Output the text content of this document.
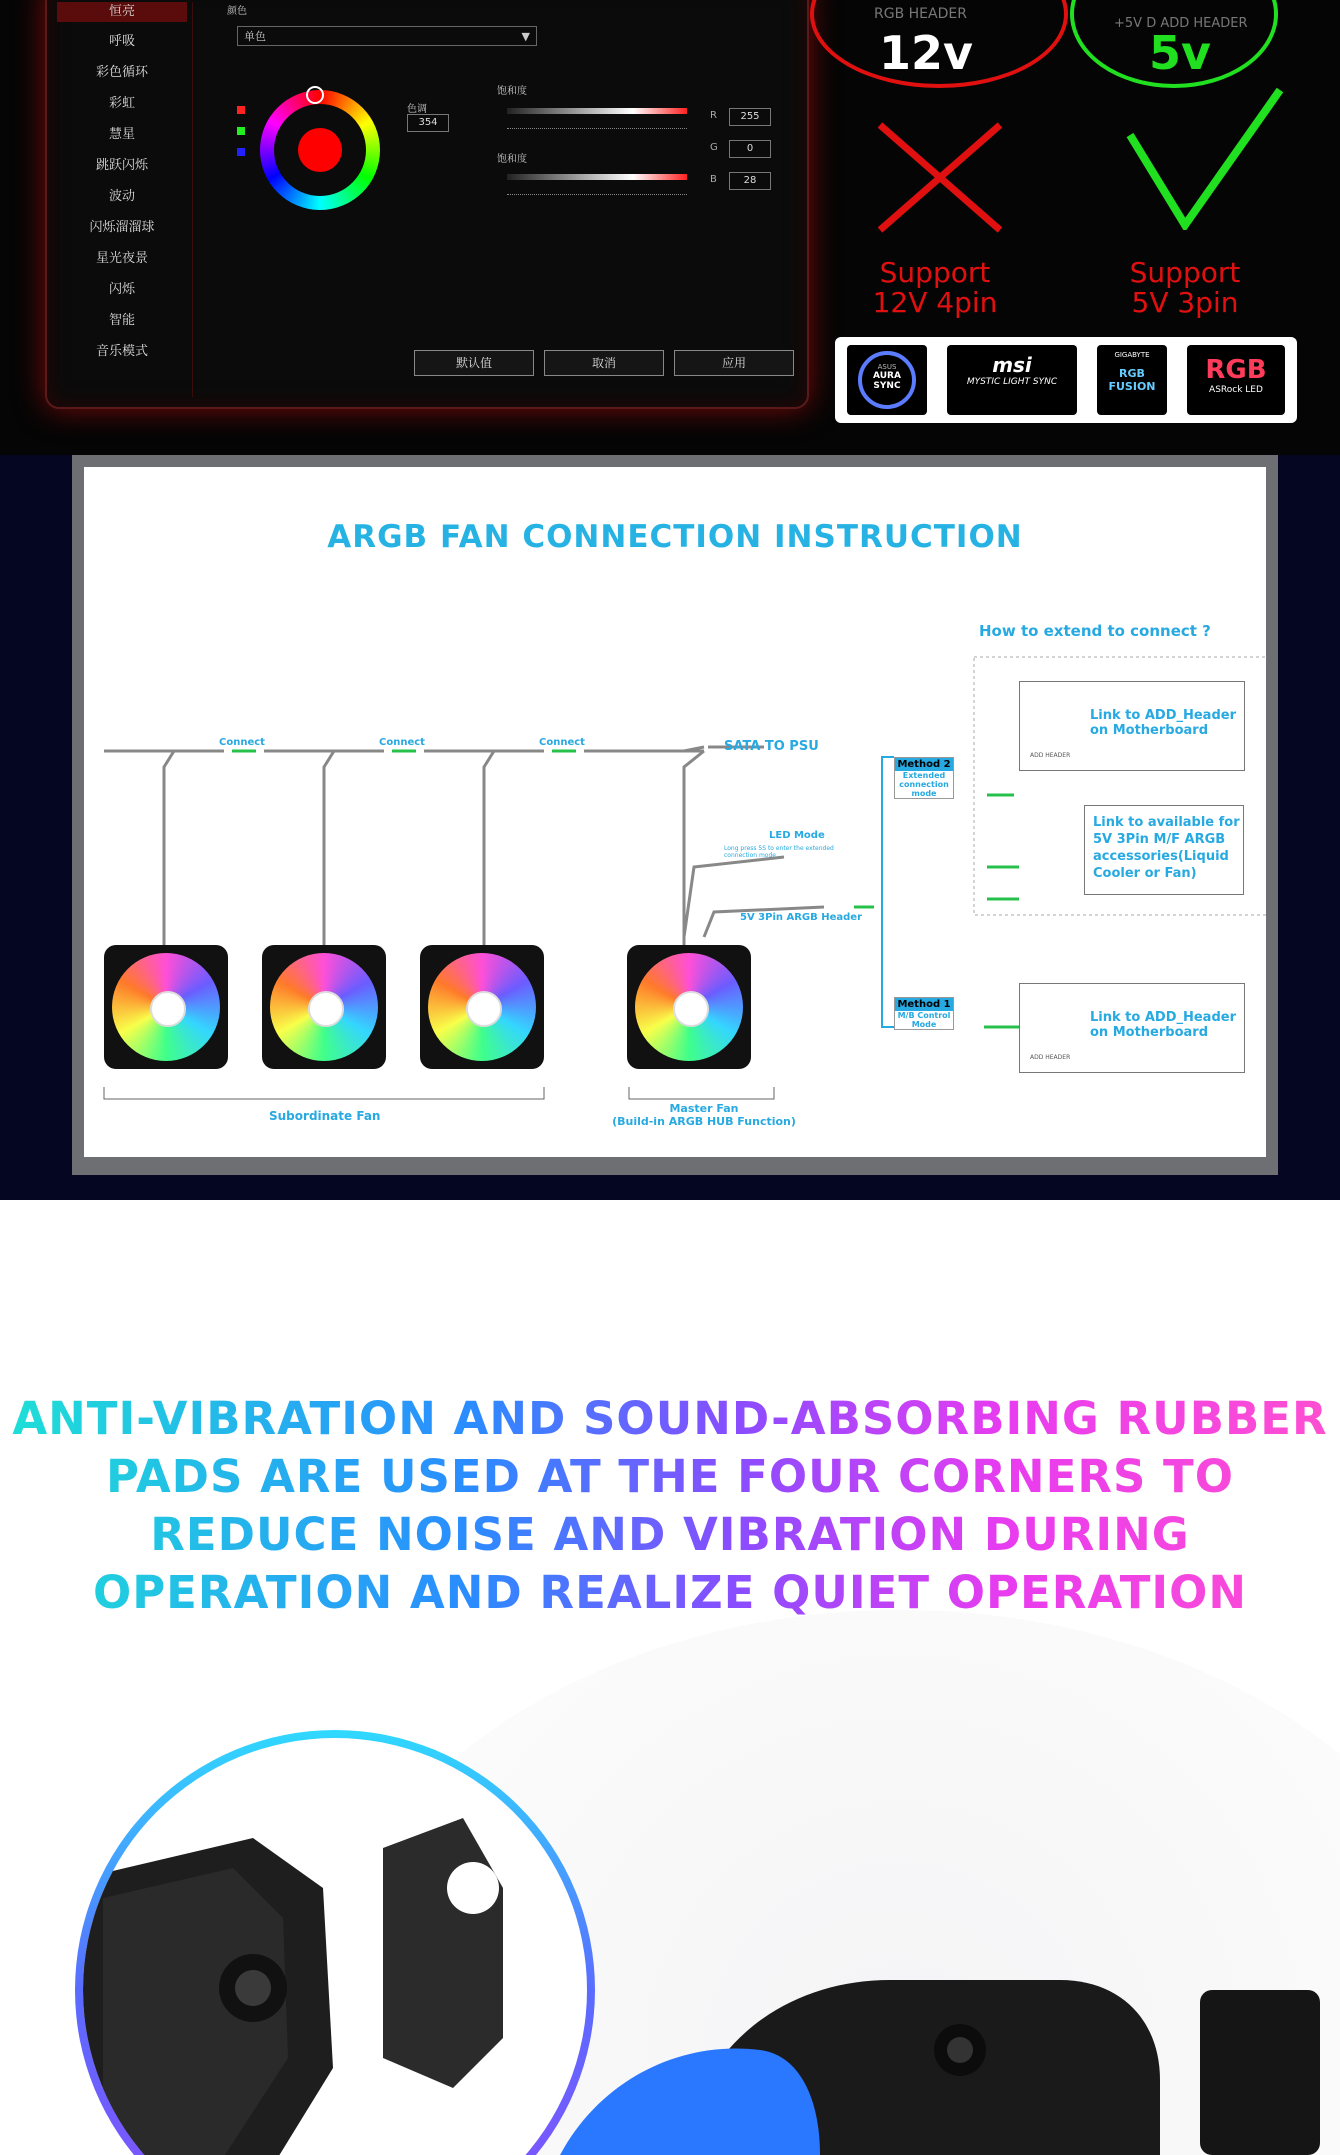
恒亮
呼吸
彩色循环
彩虹
慧星
跳跃闪烁
波动
闪烁溜溜球
星光夜景
闪烁
智能
音乐模式
颜色
单色	▼
色调
354
饱和度
饱和度
R	255
G	0
B	28
默认值	取消	应用
RGB HEADER
12v
+5V D ADD HEADER
5v
Support
12V 4pin
Support
5V 3pin
ASUS
AURA SYNC
msi
MYSTIC LIGHT SYNC
GIGABYTE
RGB FUSION
RGB
ASRock LED
ARGB FAN CONNECTION INSTRUCTION
Connect	Connect	Connect	SATA TO PSU
LED Mode
Long press 5S to enter the extended connection mode
5V 3Pin ARGB Header
Subordinate Fan
Master Fan
(Build-in ARGB HUB Function)
How to extend to connect ?
Method 2
Extended connection mode
Method 1
M/B Control Mode
ADD HEADER
Link to ADD_Header
on Motherboard
Link to available for
5V 3Pin M/F ARGB
accessories(Liquid
Cooler or Fan)
ADD HEADER
Link to ADD_Header
on Motherboard
ANTI-VIBRATION AND SOUND-ABSORBING RUBBER
PADS ARE USED AT THE FOUR CORNERS TO
REDUCE NOISE AND VIBRATION DURING
OPERATION AND REALIZE QUIET OPERATION
